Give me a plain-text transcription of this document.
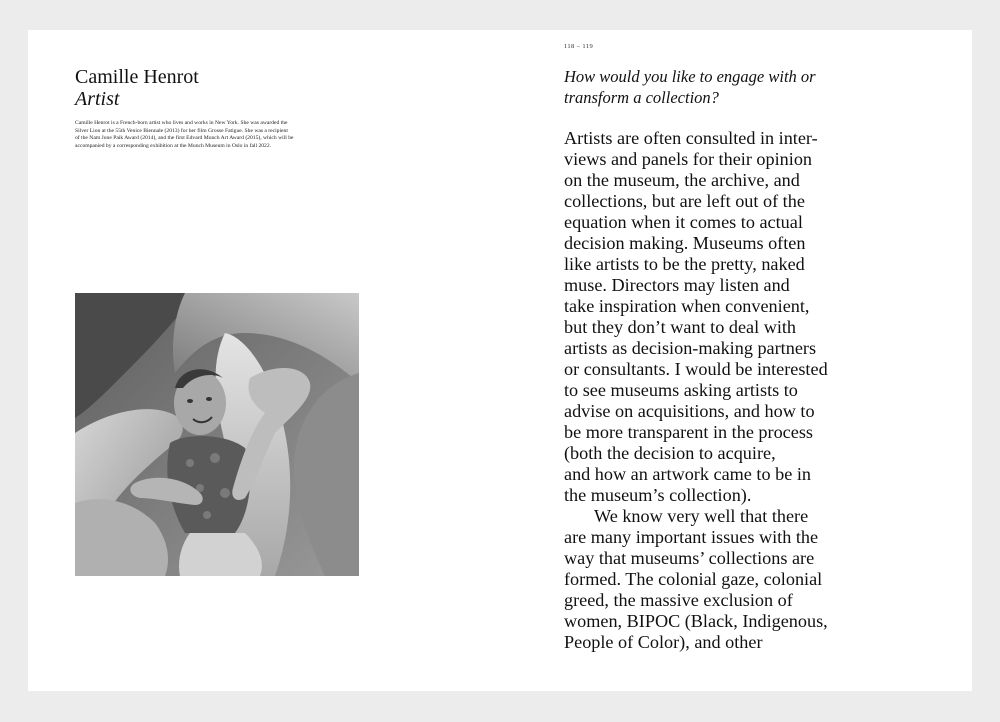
118 – 119
Camille Henrot
Artist
Camille Henrot is a French-born artist who lives and works in New York. She was awarded the
Silver Lion at the 55th Venice Biennale (2013) for her film Grosse Fatigue. She was a recipient
of the Nam June Paik Award (2014), and the first Edvard Munch Art Award (2015), which will be
accompanied by a corresponding exhibition at the Munch Museum in Oslo in fall 2022.
How would you like to engage with or
transform a collection?
Artists are often consulted in inter-
views and panels for their opinion
on the museum, the archive, and
collections, but are left out of the
equation when it comes to actual
decision making. Museums often
like artists to be the pretty, naked
muse. Directors may listen and
take inspiration when convenient,
but they don’t want to deal with
artists as decision-making partners
or consultants. I would be interested
to see museums asking artists to
advise on acquisitions, and how to
be more transparent in the process
(both the decision to acquire,
and how an artwork came to be in
the museum’s collection).
We know very well that there
are many important issues with the
way that museums’ collections are
formed. The colonial gaze, colonial
greed, the massive exclusion of
women, BIPOC (Black, Indigenous,
People of Color), and other
